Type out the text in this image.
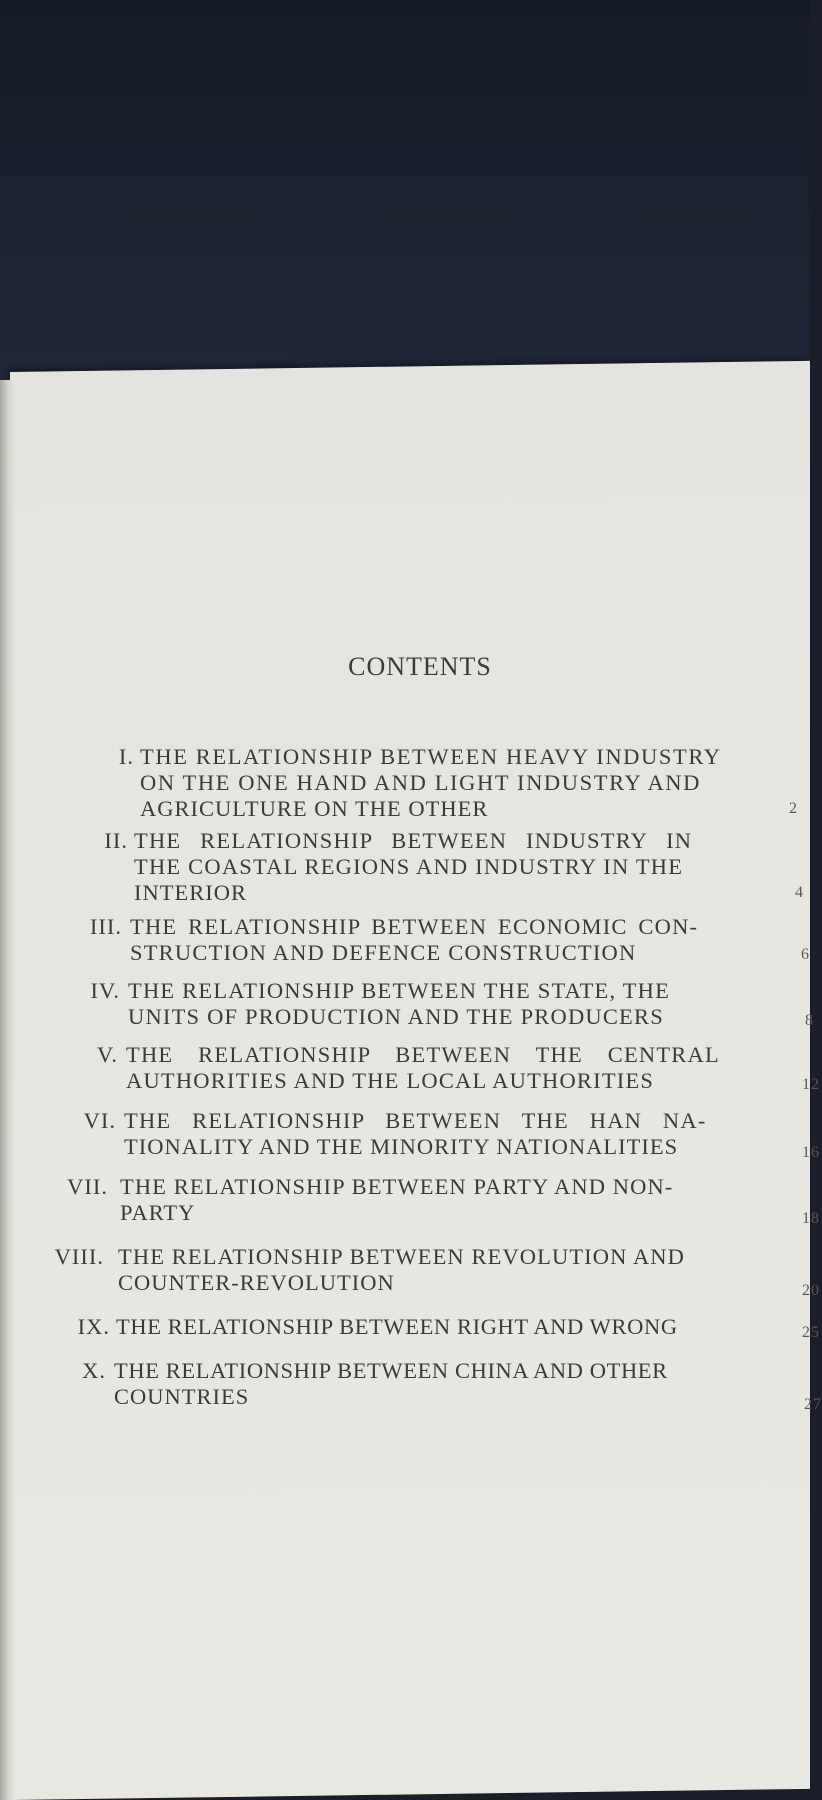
CONTENTS
I. THE RELATIONSHIP BETWEEN HEAVY INDUSTRY
ON THE ONE HAND AND LIGHT INDUSTRY AND
AGRICULTURE ON THE OTHER	2
II. THE RELATIONSHIP BETWEEN INDUSTRY IN
THE COASTAL REGIONS AND INDUSTRY IN THE
INTERIOR	4
III. THE RELATIONSHIP BETWEEN ECONOMIC CON-
STRUCTION AND DEFENCE CONSTRUCTION	6
IV. THE RELATIONSHIP BETWEEN THE STATE, THE
UNITS OF PRODUCTION AND THE PRODUCERS	8
V. THE RELATIONSHIP BETWEEN THE CENTRAL
AUTHORITIES AND THE LOCAL AUTHORITIES	12
VI. THE RELATIONSHIP BETWEEN THE HAN NA-
TIONALITY AND THE MINORITY NATIONALITIES	16
VII. THE RELATIONSHIP BETWEEN PARTY AND NON-
PARTY	18
VIII. THE RELATIONSHIP BETWEEN REVOLUTION AND
COUNTER-REVOLUTION	20
IX. THE RELATIONSHIP BETWEEN RIGHT AND WRONG	25
X. THE RELATIONSHIP BETWEEN CHINA AND OTHER
COUNTRIES	27
